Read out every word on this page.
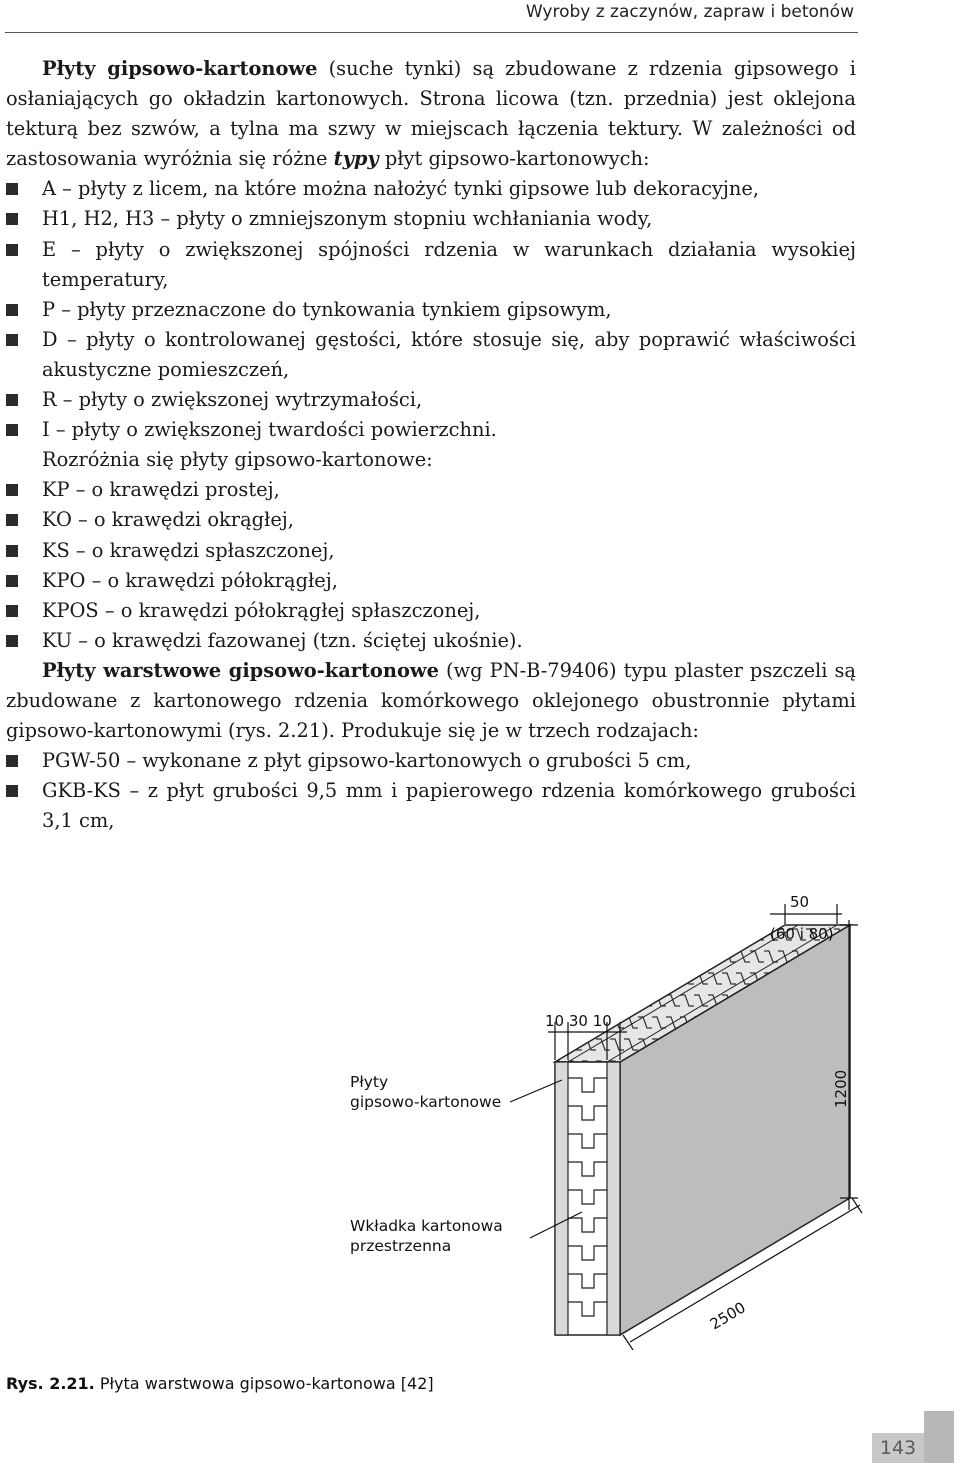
Wyroby z zaczynów, zapraw i betonów

Płyty gipsowo-kartonowe (suche tynki) są zbudowane z rdzenia gipsowego i osłaniających go okładzin kartonowych. Strona licowa (tzn. przednia) jest oklejona tekturą bez szwów, a tylna ma szwy w miejscach łączenia tektury. W zależności od zastosowania wyróżnia się różne typy płyt gipsowo-kartonowych:

A – płyty z licem, na które można nałożyć tynki gipsowe lub dekoracyjne,
H1, H2, H3 – płyty o zmniejszonym stopniu wchłaniania wody,
E – płyty o zwiększonej spójności rdzenia w warunkach działania wysokiej temperatury,
P – płyty przeznaczone do tynkowania tynkiem gipsowym,
D – płyty o kontrolowanej gęstości, które stosuje się, aby poprawić właściwości akustyczne pomieszczeń,
R – płyty o zwiększonej wytrzymałości,
I – płyty o zwiększonej twardości powierzchni.

Rozróżnia się płyty gipsowo-kartonowe:

KP – o krawędzi prostej,
KO – o krawędzi okrągłej,
KS – o krawędzi spłaszczonej,
KPO – o krawędzi półokrągłej,
KPOS – o krawędzi półokrągłej spłaszczonej,
KU – o krawędzi fazowanej (tzn. ściętej ukośnie).

Płyty warstwowe gipsowo-kartonowe (wg PN-B-79406) typu plaster pszczeli są zbudowane z kartonowego rdzenia komórkowego oklejonego obustronnie płytami gipsowo-kartonowymi (rys. 2.21). Produkuje się je w trzech rodzajach:

PGW-50 – wykonane z płyt gipsowo-kartonowych o grubości 5 cm,
GKB-KS – z płyt grubości 9,5 mm i papierowego rdzenia komórkowego grubości 3,1 cm,
50
(60 i 80)
10 30 10
1200
2500
Płyty
gipsowo-kartonowe
Wkładka kartonowa
przestrzenna
Rys. 2.21. Płyta warstwowa gipsowo-kartonowa [42]
143
